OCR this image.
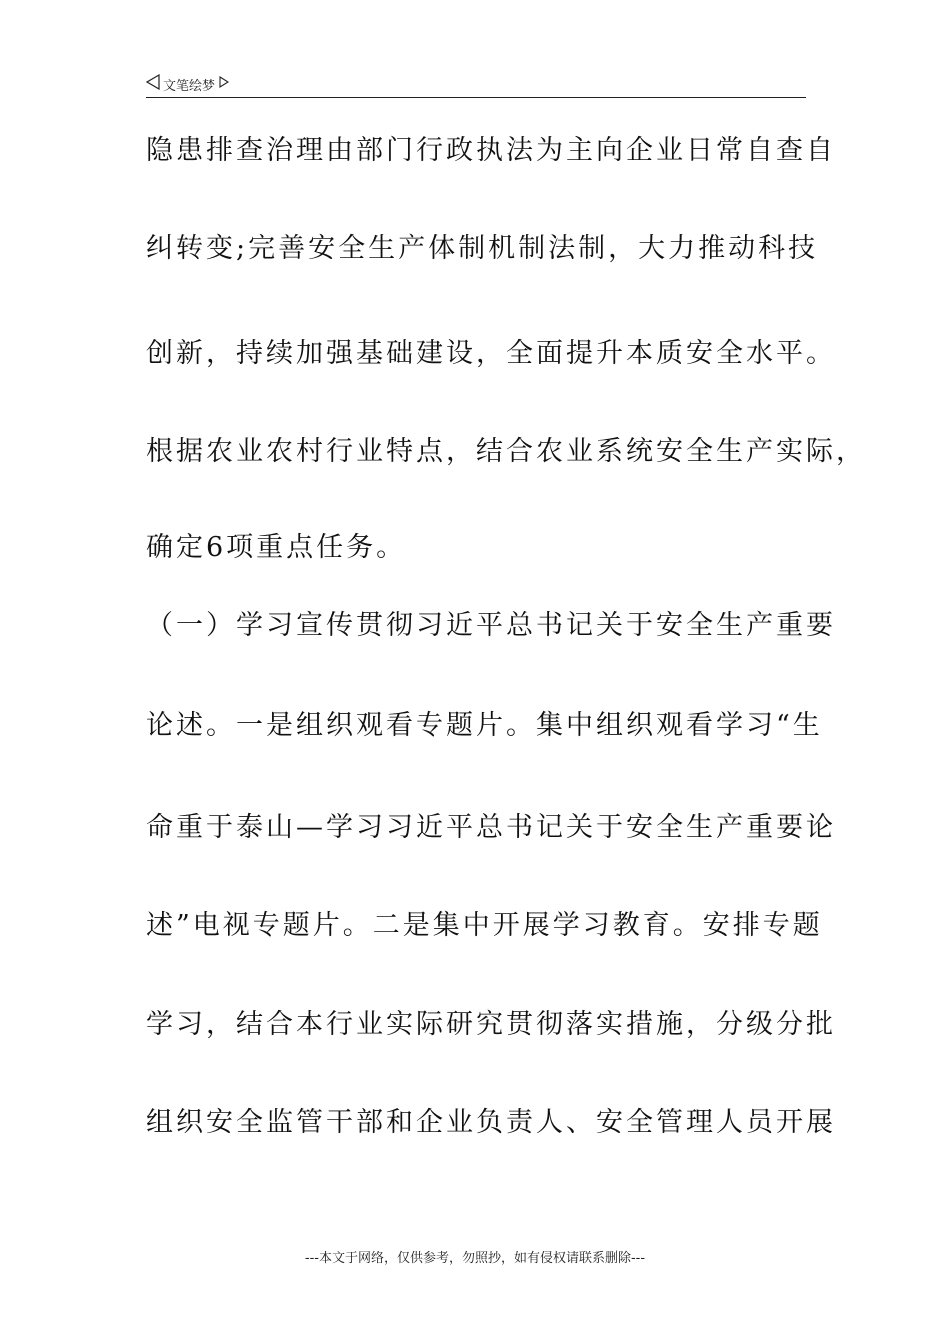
文笔绘梦
隐患排查治理由部门行政执法为主向企业日常自查自
纠转变;完善安全生产体制机制法制，大力推动科技
创新，持续加强基础建设，全面提升本质安全水平。
根据农业农村行业特点，结合农业系统安全生产实际，
确定6项重点任务。
（一）学习宣传贯彻习近平总书记关于安全生产重要
论述。一是组织观看专题片。集中组织观看学习“生
命重于泰山—学习习近平总书记关于安全生产重要论
述”电视专题片。二是集中开展学习教育。安排专题
学习，结合本行业实际研究贯彻落实措施，分级分批
组织安全监管干部和企业负责人、安全管理人员开展
---本文于网络，仅供参考，勿照抄，如有侵权请联系删除---
